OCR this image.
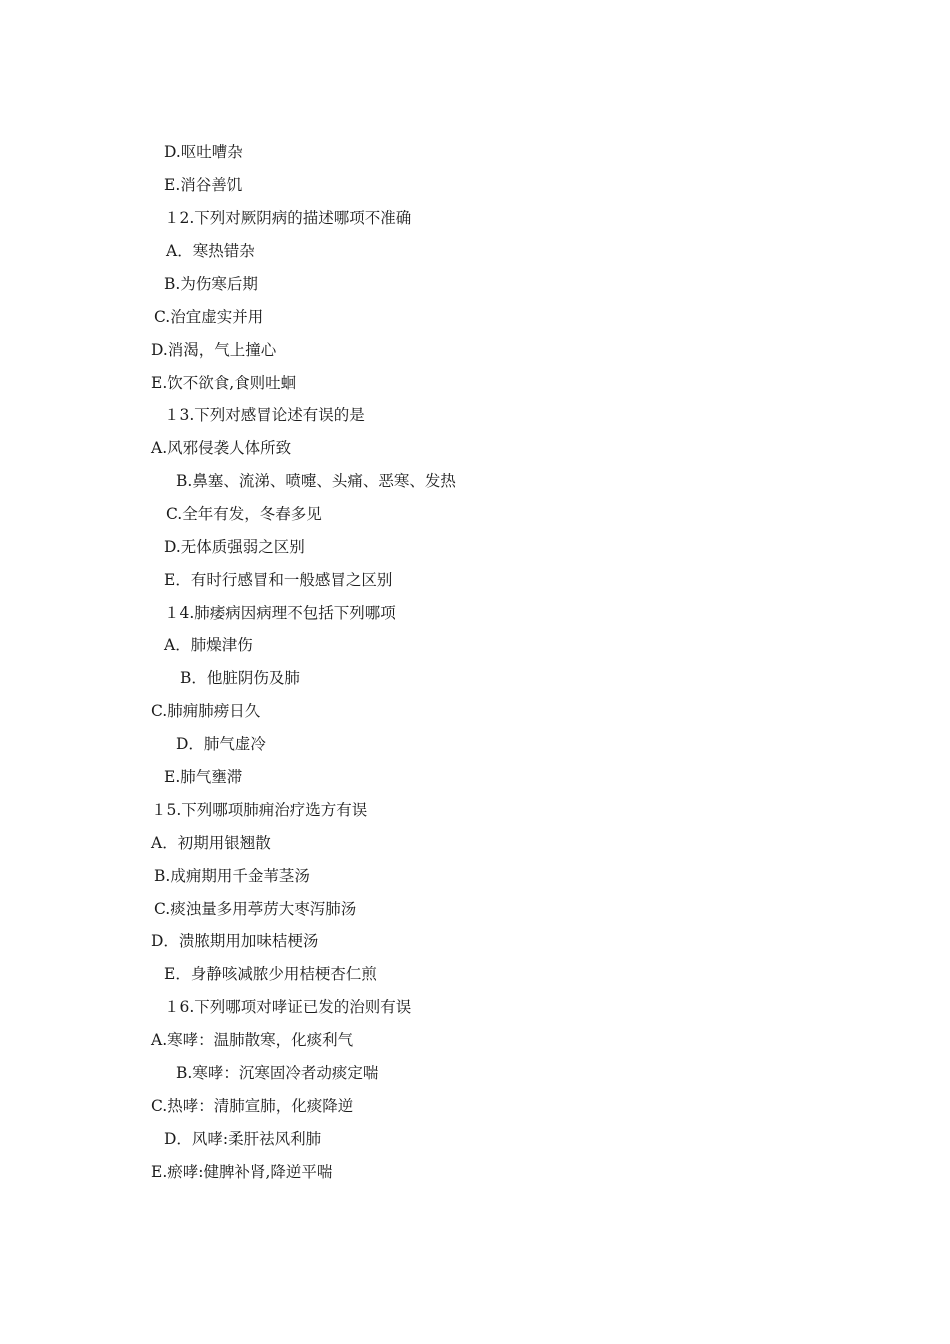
D.呕吐嘈杂
E.消谷善饥
１2.下列对厥阴病的描述哪项不准确
A．寒热错杂
B.为伤寒后期
C.治宜虚实并用
D.消渴，气上撞心
E.饮不欲食,食则吐蛔
１3.下列对感冒论述有误的是
A.风邪侵袭人体所致
B.鼻塞、流涕、喷嚏、头痛、恶寒、发热
C.全年有发，冬春多见
D.无体质强弱之区别
E．有时行感冒和一般感冒之区别
１4.肺痿病因病理不包括下列哪项
A．肺燥津伤
B．他脏阴伤及肺
C.肺痈肺痨日久
D．肺气虚冷
E.肺气壅滞
１5.下列哪项肺痈治疗选方有误
A．初期用银翘散
B.成痈期用千金苇茎汤
C.痰浊量多用葶苈大枣泻肺汤
D．溃脓期用加味桔梗汤
E．身静咳减脓少用桔梗杏仁煎
１6.下列哪项对哮证已发的治则有误
A.寒哮：温肺散寒，化痰利气
B.寒哮：沉寒固冷者动痰定喘
C.热哮：清肺宣肺，化痰降逆
D．风哮:柔肝祛风利肺
E.瘀哮:健脾补肾,降逆平喘
